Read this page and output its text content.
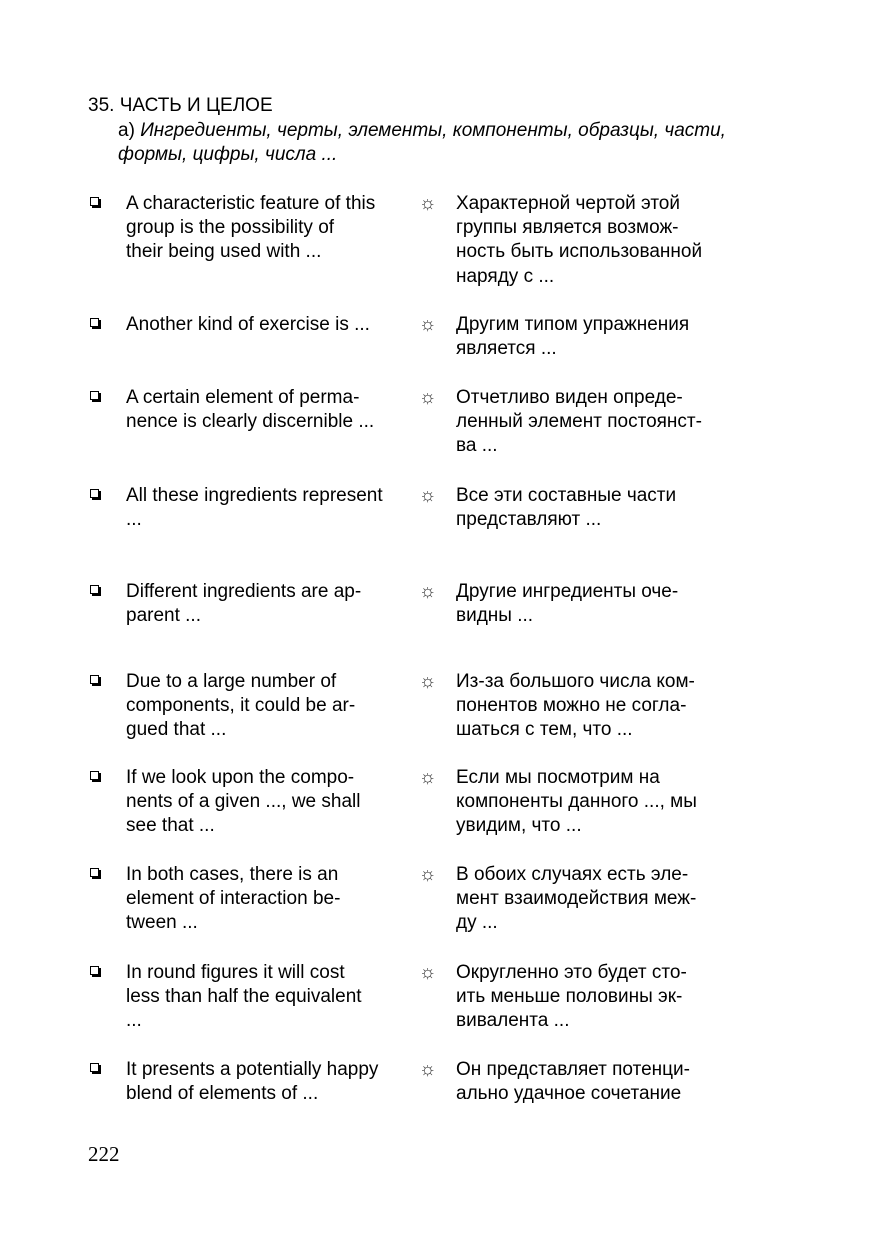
35. ЧАСТЬ И ЦЕЛОЕ

а) Ингредиенты, черты, элементы, компоненты, образцы, части, формы, цифры, числа ...

A characteristic feature of this
group is the possibility of
their being used with ...
☼ Характерной чертой этой
группы является возмож-
ность быть использованной
наряду с ...
Another kind of exercise is ...	☼ Другим типом упражнения
является ...
A certain element of perma-
nence is clearly discernible ...
☼ Отчетливо виден опреде-
ленный элемент постоянст-
ва ...
All these ingredients represent
...
☼ Все эти составные части
представляют ...
Different ingredients are ap-
parent ...
☼ Другие ингредиенты оче-
видны ...
Due to a large number of
components, it could be ar-
gued that ...
☼ Из-за большого числа ком-
понентов можно не согла-
шаться с тем, что ...
If we look upon the compo-
nents of a given ..., we shall
see that ...
☼ Если мы посмотрим на
компоненты данного ..., мы
увидим, что ...
In both cases, there is an
element of interaction be-
tween ...
☼ В обоих случаях есть эле-
мент взаимодействия меж-
ду ...
In round figures it will cost
less than half the equivalent
...
☼ Округленно это будет сто-
ить меньше половины эк-
вивалента ...
It presents a potentially happy
blend of elements of ...
☼ Он представляет потенци-
ально удачное сочетание
222
